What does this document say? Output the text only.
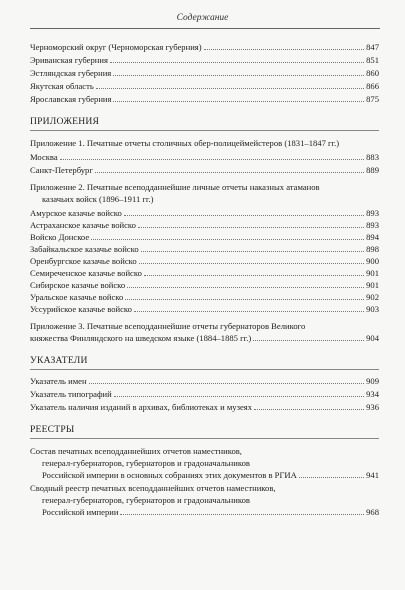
Содержание
Черноморский округ (Черноморская губерния)	847
Эриванская губерния	851
Эстляндская губерния	860
Якутская область	866
Ярославская губерния	875
ПРИЛОЖЕНИЯ
Приложение 1. Печатные отчеты столичных обер-полицеймейстеров (1831–1847 гг.)
Москва	883
Санкт-Петербург	889
Приложение 2. Печатные всеподданнейшие личные отчеты наказных атаманов
казачьих войск (1896–1911 гг.)
Амурское казачье войско	893
Астраханское казачье войско	893
Войско Донское	894
Забайкальское казачье войско	898
Оренбургское казачье войско	900
Семиреченское казачье войско	901
Сибирское казачье войско	901
Уральское казачье войско	902
Уссурийское казачье войско	903
Приложение 3. Печатные всеподданнейшие отчеты губернаторов Великого
княжества Финляндского на шведском языке (1884–1885 гг.)	904
УКАЗАТЕЛИ
Указатель имен	909
Указатель типографий	934
Указатель наличия изданий в архивах, библиотеках и музеях	936
РЕЕСТРЫ
Состав печатных всеподданнейших отчетов наместников,
генерал-губернаторов, губернаторов и градоначальников
Российской империи в основных собраниях этих документов в РГИА	941
Сводный реестр печатных всеподданнейших отчетов наместников,
генерал-губернаторов, губернаторов и градоначальников
Российской империи	968
